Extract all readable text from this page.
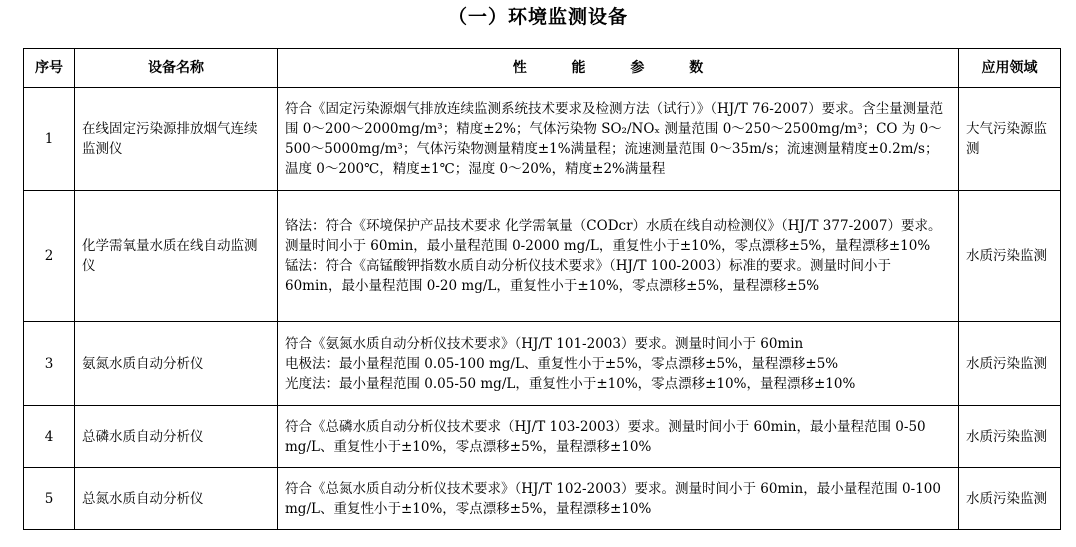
（一）环境监测设备
序号	设备名称	性 能 参 数	应用领域
1	在线固定污染源排放烟气连续监测仪	符合《固定污染源烟气排放连续监测系统技术要求及检测方法（试行）》（HJ/T 76-2007）要求。含尘量测量范围 0～200～2000mg/m³；精度±2%；气体污染物 SO₂/NOₓ 测量范围 0～250～2500mg/m³；CO 为 0～500～5000mg/m³；气体污染物测量精度±1%满量程；流速测量范围 0～35m/s；流速测量精度±0.2m/s；温度 0～200℃，精度±1℃；湿度 0～20%，精度±2%满量程	大气污染源监测
2	化学需氧量水质在线自动监测仪	铬法：符合《环境保护产品技术要求 化学需氧量（CODcr）水质在线自动检测仪》（HJ/T 377-2007）要求。测量时间小于 60min，最小量程范围 0-2000 mg/L，重复性小于±10%，零点漂移±5%，量程漂移±10%

锰法：符合《高锰酸钾指数水质自动分析仪技术要求》（HJ/T 100-2003）标准的要求。测量时间小于 60min，最小量程范围 0-20 mg/L，重复性小于±10%，零点漂移±5%，量程漂移±5%	水质污染监测
3	氨氮水质自动分析仪	符合《氨氮水质自动分析仪技术要求》（HJ/T 101-2003）要求。测量时间小于 60min

电极法：最小量程范围 0.05-100 mg/L、重复性小于±5%，零点漂移±5%，量程漂移±5%

光度法：最小量程范围 0.05-50 mg/L，重复性小于±10%，零点漂移±10%，量程漂移±10%	水质污染监测
4	总磷水质自动分析仪	符合《总磷水质自动分析仪技术要求（HJ/T 103-2003）要求。测量时间小于 60min，最小量程范围 0-50 mg/L、重复性小于±10%，零点漂移±5%，量程漂移±10%	水质污染监测
5	总氮水质自动分析仪	符合《总氮水质自动分析仪技术要求》（HJ/T 102-2003）要求。测量时间小于 60min，最小量程范围 0-100 mg/L、重复性小于±10%，零点漂移±5%，量程漂移±10%	水质污染监测
